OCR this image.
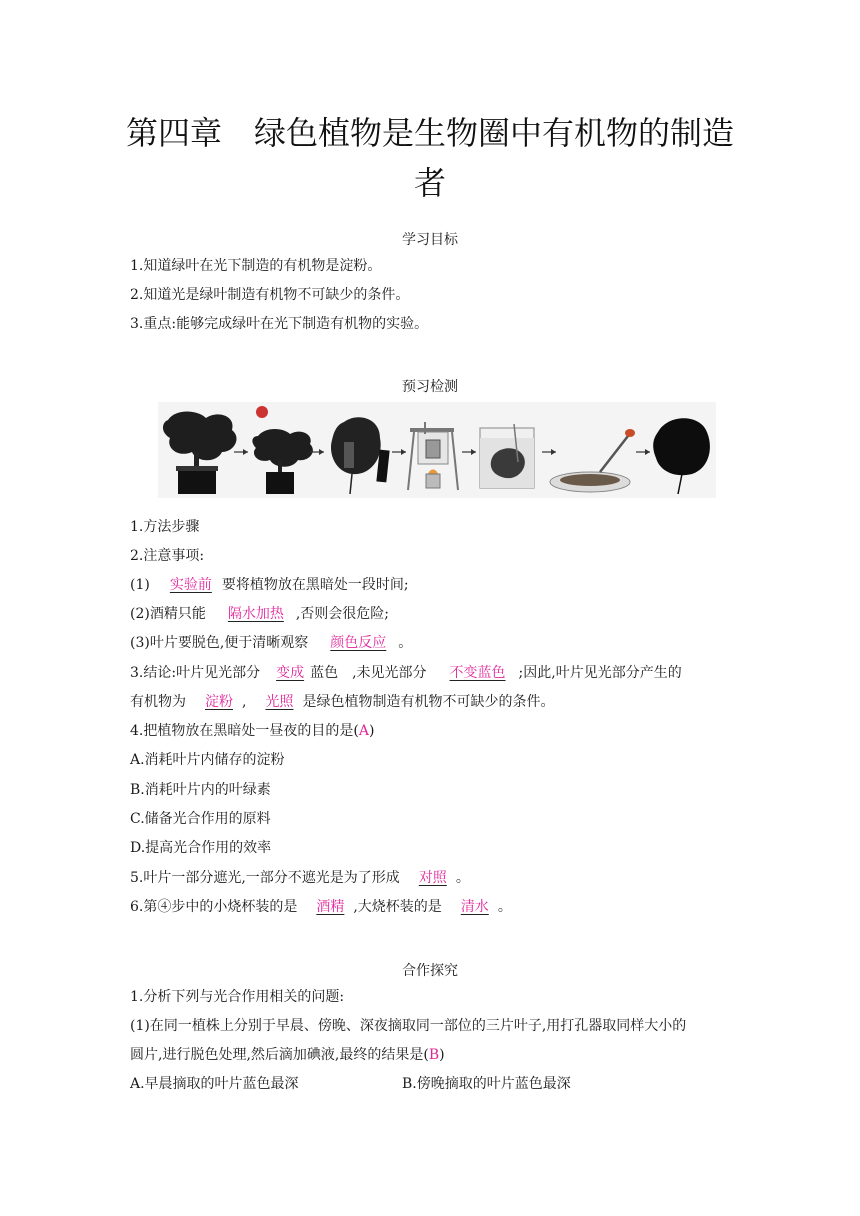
第四章　绿色植物是生物圈中有机物的制造
者
学习目标
1.知道绿叶在光下制造的有机物是淀粉。
2.知道光是绿叶制造有机物不可缺少的条件。
3.重点:能够完成绿叶在光下制造有机物的实验。
预习检测
1.方法步骤
2.注意事项:
(1) 实验前 要将植物放在黑暗处一段时间;
(2)酒精只能 隔水加热 ,否则会很危险;
(3)叶片要脱色,便于清晰观察 颜色反应 。
3.结论:叶片见光部分 变成 蓝色　,未见光部分 不变蓝色 ;因此,叶片见光部分产生的
有机物为 淀粉 , 光照 是绿色植物制造有机物不可缺少的条件。
4.把植物放在黑暗处一昼夜的目的是(A)
A.消耗叶片内储存的淀粉
B.消耗叶片内的叶绿素
C.储备光合作用的原料
D.提高光合作用的效率
5.叶片一部分遮光,一部分不遮光是为了形成 对照 。
6.第④步中的小烧杯装的是 酒精 ,大烧杯装的是 清水 。
合作探究
1.分析下列与光合作用相关的问题:
(1)在同一植株上分别于早晨、傍晚、深夜摘取同一部位的三片叶子,用打孔器取同样大小的
圆片,进行脱色处理,然后滴加碘液,最终的结果是(B)
A.早晨摘取的叶片蓝色最深	B.傍晚摘取的叶片蓝色最深
